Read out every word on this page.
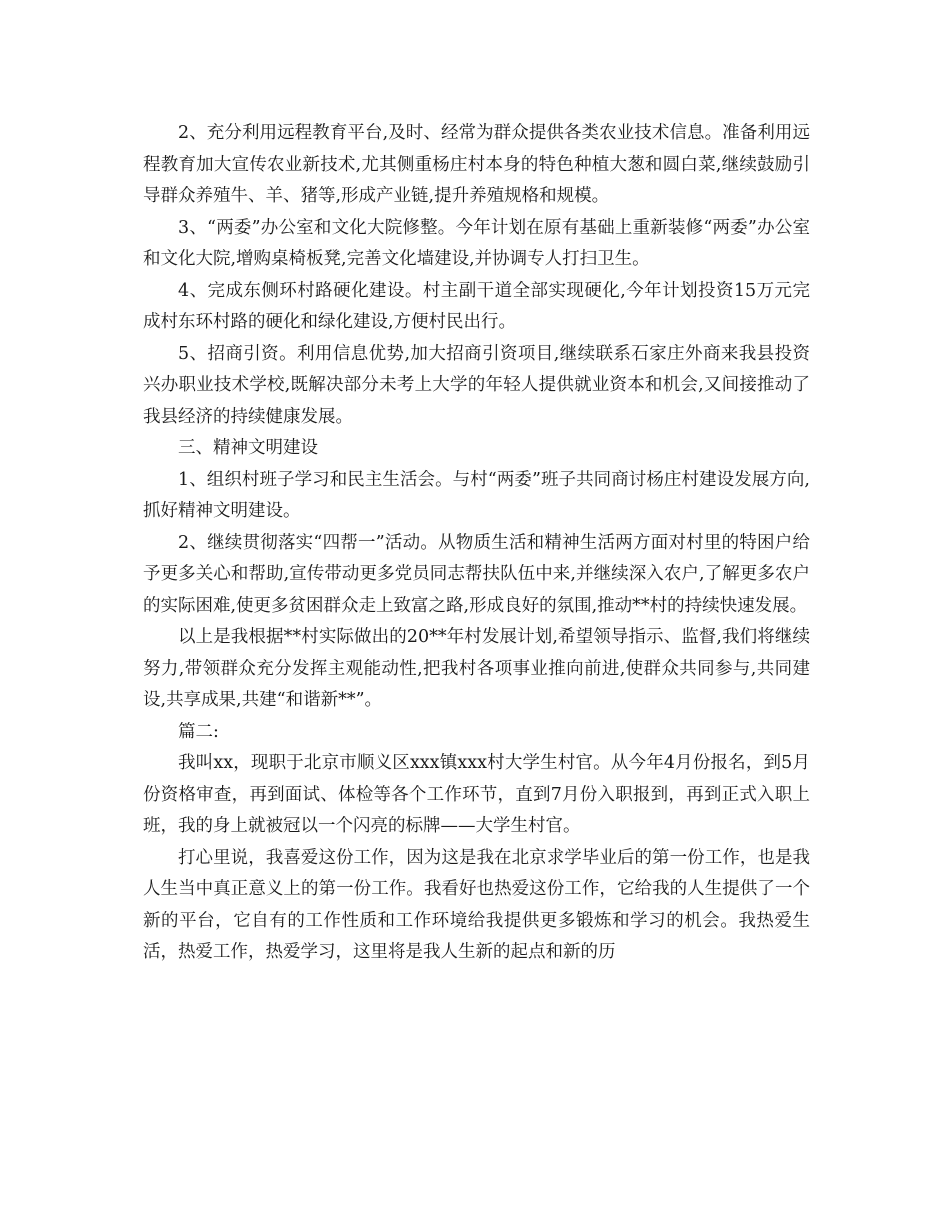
2、充分利用远程教育平台,及时、经常为群众提供各类农业技术信息。准备利用远程教育加大宣传农业新技术,尤其侧重杨庄村本身的特色种植大葱和圆白菜,继续鼓励引导群众养殖牛、羊、猪等,形成产业链,提升养殖规格和规模。

3、“两委”办公室和文化大院修整。今年计划在原有基础上重新装修“两委”办公室和文化大院,增购桌椅板凳,完善文化墙建设,并协调专人打扫卫生。

4、完成东侧环村路硬化建设。村主副干道全部实现硬化,今年计划投资15万元完成村东环村路的硬化和绿化建设,方便村民出行。

5、招商引资。利用信息优势,加大招商引资项目,继续联系石家庄外商来我县投资兴办职业技术学校,既解决部分未考上大学的年轻人提供就业资本和机会,又间接推动了我县经济的持续健康发展。

三、精神文明建设

1、组织村班子学习和民主生活会。与村“两委”班子共同商讨杨庄村建设发展方向,抓好精神文明建设。

2、继续贯彻落实“四帮一”活动。从物质生活和精神生活两方面对村里的特困户给予更多关心和帮助,宣传带动更多党员同志帮扶队伍中来,并继续深入农户,了解更多农户的实际困难,使更多贫困群众走上致富之路,形成良好的氛围,推动**村的持续快速发展。

以上是我根据**村实际做出的20**年村发展计划,希望领导指示、监督,我们将继续努力,带领群众充分发挥主观能动性,把我村各项事业推向前进,使群众共同参与,共同建设,共享成果,共建“和谐新**”。

篇二:

我叫xx，现职于北京市顺义区xxx镇xxx村大学生村官。从今年4月份报名，到5月份资格审查，再到面试、体检等各个工作环节，直到7月份入职报到，再到正式入职上班，我的身上就被冠以一个闪亮的标牌——大学生村官。

打心里说，我喜爱这份工作，因为这是我在北京求学毕业后的第一份工作，也是我人生当中真正意义上的第一份工作。我看好也热爱这份工作，它给我的人生提供了一个新的平台，它自有的工作性质和工作环境给我提供更多锻炼和学习的机会。我热爱生活，热爱工作，热爱学习，这里将是我人生新的起点和新的历
